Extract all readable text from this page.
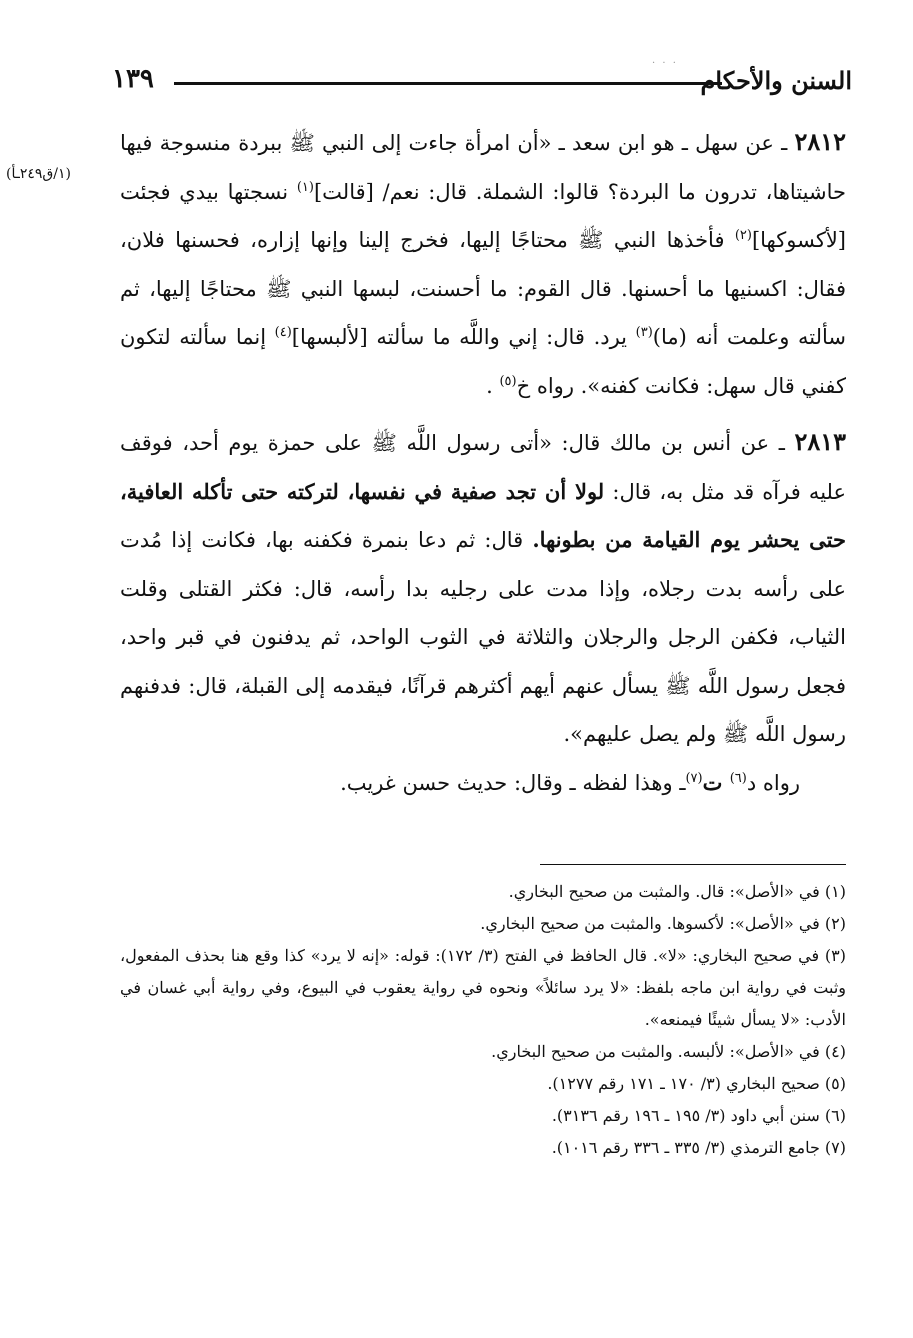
· · ·
السنن والأحكام
١٣٩
(١/ق٢٤٩ـأ)

٢٨١٢ ـ عن سهل ـ هو ابن سعد ـ «أن امرأة جاءت إلى النبي ﷺ ببردة منسوجة فيها حاشيتاها، تدرون ما البردة؟ قالوا: الشملة. قال: نعم/ [قالت]$^{(١)}$ نسجتها بيدي فجئت [لأكسوكها]$^{(٢)}$ فأخذها النبي ﷺ محتاجًا إليها، فخرج إلينا وإنها إزاره، فحسنها فلان، فقال: اكسنيها ما أحسنها. قال القوم: ما أحسنت، لبسها النبي ﷺ محتاجًا إليها، ثم سألته وعلمت أنه (ما)$^{(٣)}$ يرد. قال: إني واللَّه ما سألته [لألبسها]$^{(٤)}$ إنما سألته لتكون كفني قال سهل: فكانت كفنه». رواه خ$^{(٥)}$ .

٢٨١٣ ـ عن أنس بن مالك قال: «أتى رسول اللَّه ﷺ على حمزة يوم أحد، فوقف عليه فرآه قد مثل به، قال: لولا أن تجد صفية في نفسها، لتركته حتى تأكله العافية، حتى يحشر يوم القيامة من بطونها. قال: ثم دعا بنمرة فكفنه بها، فكانت إذا مُدت على رأسه بدت رجلاه، وإذا مدت على رجليه بدا رأسه، قال: فكثر القتلى وقلت الثياب، فكفن الرجل والرجلان والثلاثة في الثوب الواحد، ثم يدفنون في قبر واحد، فجعل رسول اللَّه ﷺ يسأل عنهم أيهم أكثرهم قرآنًا، فيقدمه إلى القبلة، قال: فدفنهم رسول اللَّه ﷺ ولم يصل عليهم».

رواه د$^{(٦)}$ ت$^{(٧)}$ـ وهذا لفظه ـ وقال: حديث حسن غريب.

(١) في «الأصل»: قال. والمثبت من صحيح البخاري.

(٢) في «الأصل»: لأكسوها. والمثبت من صحيح البخاري.

(٣) في صحيح البخاري: «لا». قال الحافظ في الفتح (٣/ ١٧٢): قوله: «إنه لا يرد» كذا وقع هنا بحذف المفعول، وثبت في رواية ابن ماجه بلفظ: «لا يرد سائلاً» ونحوه في رواية يعقوب في البيوع، وفي رواية أبي غسان في الأدب: «لا يسأل شيئًا فيمنعه».

(٤) في «الأصل»: لألبسه. والمثبت من صحيح البخاري.

(٥) صحيح البخاري (٣/ ١٧٠ ـ ١٧١ رقم ١٢٧٧).

(٦) سنن أبي داود (٣/ ١٩٥ ـ ١٩٦ رقم ٣١٣٦).

(٧) جامع الترمذي (٣/ ٣٣٥ ـ ٣٣٦ رقم ١٠١٦).
